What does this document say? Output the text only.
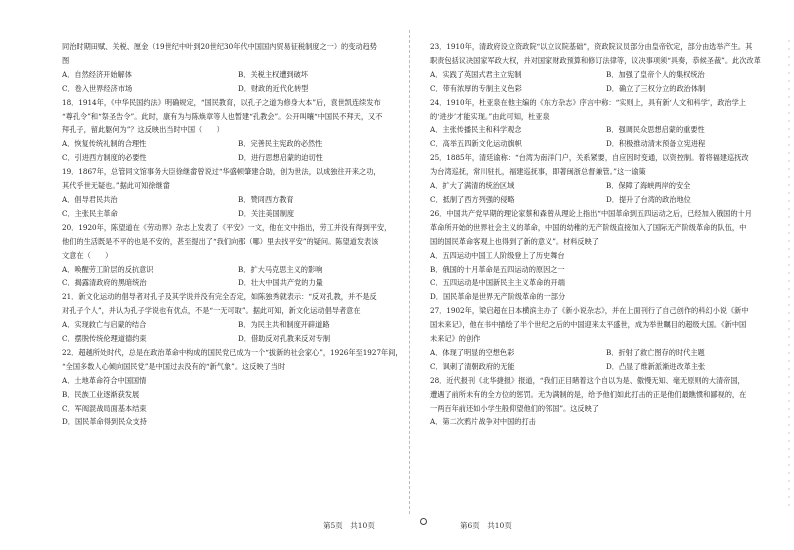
同治时期田赋、关税、厘金（19世纪中叶到20世纪30年代中国国内贸易征税制度之一）的变动趋势
图
A．自然经济开始解体	B．关税主权遭到破坏
C．卷入世界经济市场	D．财政的近代化转型
18．1914年，《中华民国约法》明确规定，“国民教育，以孔子之道为修身大本”后，袁世凯连续发布
“尊孔令”和“祭圣告令”。此时，康有为与陈焕章等人也暂建“孔教会”。公开叫嚷“中国民不拜天，又不
拜孔子，留此躯何为”？这反映出当时中国（　　）
A．恢复传统礼制的合理性	B．完善民主宪政的必然性
C．引进西方制度的必要性	D．进行思想启蒙的迫切性
19．1867年，总管同文馆事务大臣徐继畲曾说过“华盛顿肇建合助，创为世法，以成独往开来之功，
其代乎世无疑也。”据此可知徐继畲
A．倡导君民共治	B．赞同西方教育
C．主张民主革命	D．关注美国制度
20．1920年，陈望道在《劳动界》杂志上发表了《平安》一文，他在文中指出，劳工并没有得到平安，
他们的生活既是不平的也是不安的，甚至提出了“我们向那（哪）里去找平安”的疑问。陈望道发表该
文意在（　　）
A．唤醒劳工阶层的反抗意识	B．扩大马克思主义的影响
C．揭露清政府的黑暗统治	D．壮大中国共产党的力量
21．新文化运动的倡导者对孔子及其学说并没有完全否定，如陈独秀就表示：“反对孔教，并不是反
对孔子个人”，并认为孔子学说也有优点，不是“一无可取”。据此可知，新文化运动倡导者意在
A．实现救亡与启蒙的结合	B．为民主共和制度开辟道路
C．摆脱传统伦理道德约束	D．借助反对孔教来反对专制
22．超越所处时代，总是在政治革命中构成的国民党已成为一个“拔新的社会家心”，1926年至1927年间，
“全国多数人心倾向国民党”是中国过去没有的“新气象”。这反映了当时
A．土地革命符合中国国情
B．民族工业逐渐获发展
C．军阀混战局面基本结束
D．国民革命得到民众支持
23．1910年，清政府设立资政院“以立议院基础”，资政院议员部分由皇帝钦定，部分由选举产生。其
职责包括议决国家军政大权，并对国家财政预算和修订法律等，议决事项须“具奏，恭候圣裁”。此次改革
A．实践了英国式君主立宪制	B．加强了皇帝个人的集权统治
C．带有浓厚的专制主义色彩	D．确立了三权分立的政治体制
24．1910年，杜亚泉在他主编的《东方杂志》序言中称：“实则上，具有新‘人文和科学’，政治学上
的‘进步’才能实现。”由此可知，杜亚泉
A．主张传播民主和科学观念	B．强调民众思想启蒙的重要性
C．高举五四新文化运动旗帜	D．积极推动清末预备立宪进程
25．1885年，清廷谕称：“台湾为南洋门户，关系紧要，自应因时变通，以资控制。着将福建巡抚改
为台湾巡抚，常川驻扎，福建巡抚事，即著闽浙总督兼管。”这一谕策
A．扩大了满清的统治区域	B．保障了海峡两岸的安全
C．抵制了西方列强的侵略	D．提升了台湾的政治地位
26．中国共产党早期的理论家蔡和森曾从理论上指出“中国革命到五四运动之后，已经加入俄国的十月
革命所开始的世界社会主义的革命，中国的幼稚的无产阶级直接加入了国际无产阶级革命的队伍，中
国的国民革命客观上也得到了新的意义”。材料反映了
A．五四运动中国工人阶级登上了历史舞台
B．俄国的十月革命是五四运动的原因之一
C．五四运动是中国新民主主义革命的开端
D．国民革命是世界无产阶级革命的一部分
27．1902年，梁启超在日本横滨主办了《新小说杂志》，并在上面刊行了自己创作的科幻小说《新中
国未来记》，他在书中描绘了半个世纪之后的中国迎来太平盛世，成为举世瞩目的超级大国。《新中国
未来记》的创作
A．体现了明显的空想色彩	B．折射了救亡图存的时代主题
C．讽刺了清朝政府的无能	D．凸显了维新派渐进改革主张
28．近代报刊《北华捷报》报道，“我们正目睹着这个自以为是、傲慢无知、毫无原则的大清帝国，
遭遇了前所未有的全方位的惩罚。无为满制的是，给予他们如此打击的正是他们最瞧惯和鄙视的，在
一两百年前还如小学生般仰望他们的邻国”。这反映了
A．第二次鸦片战争对中国的打击
第5页　共10页	第6页　共10页
